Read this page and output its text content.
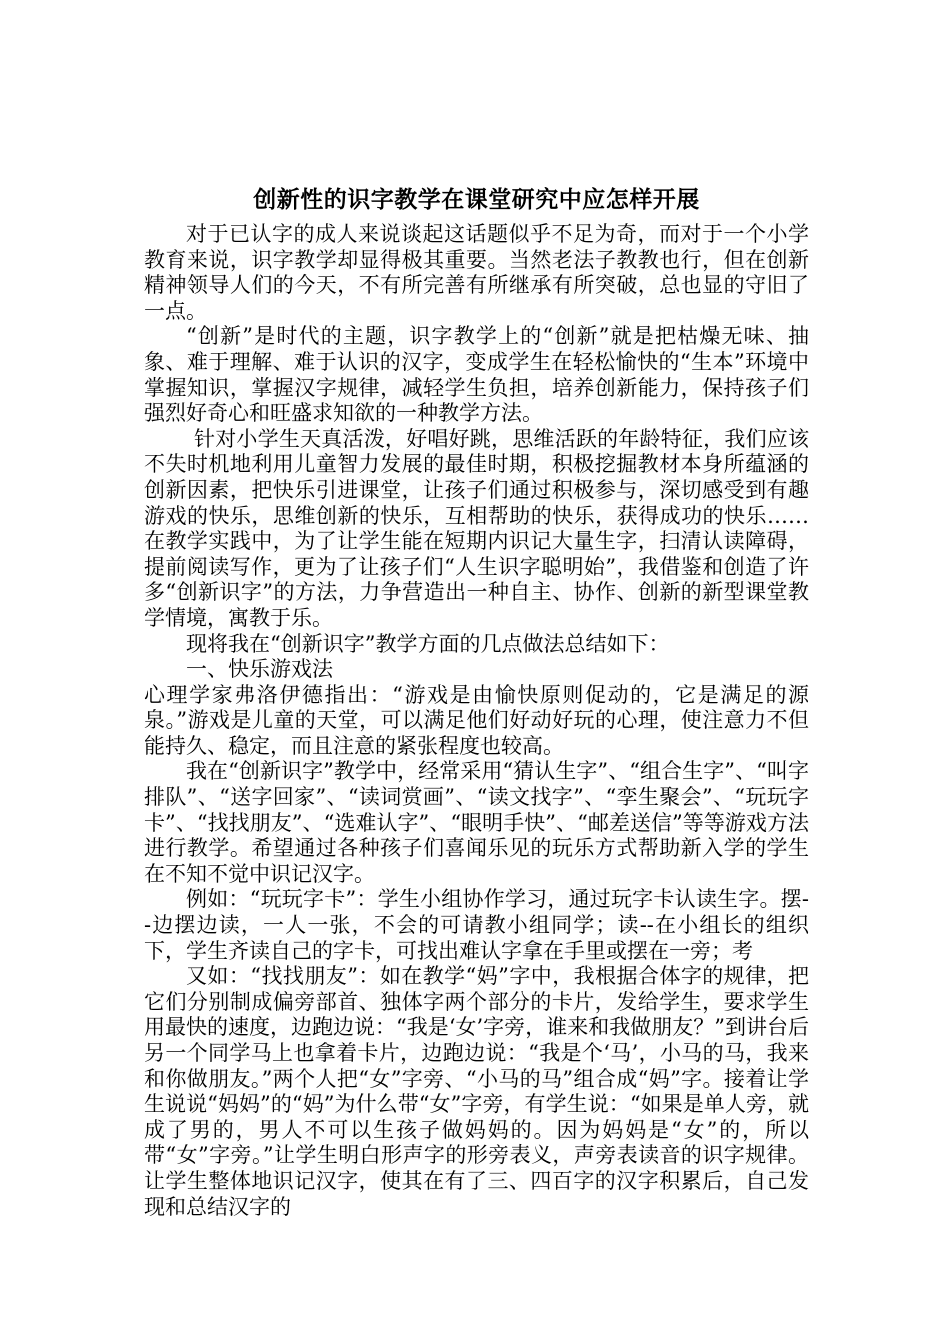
创新性的识字教学在课堂研究中应怎样开展

对于已认字的成人来说谈起这话题似乎不足为奇，而对于一个小学教育来说，识字教学却显得极其重要。当然老法子教教也行，但在创新精神领导人们的今天，不有所完善有所继承有所突破，总也显的守旧了一点。

“创新”是时代的主题，识字教学上的“创新”就是把枯燥无味、抽象、难于理解、难于认识的汉字，变成学生在轻松愉快的“生本”环境中掌握知识，掌握汉字规律，减轻学生负担，培养创新能力，保持孩子们强烈好奇心和旺盛求知欲的一种教学方法。

针对小学生天真活泼，好唱好跳，思维活跃的年龄特征，我们应该不失时机地利用儿童智力发展的最佳时期，积极挖掘教材本身所蕴涵的创新因素，把快乐引进课堂，让孩子们通过积极参与，深切感受到有趣游戏的快乐，思维创新的快乐，互相帮助的快乐，获得成功的快乐……在教学实践中，为了让学生能在短期内识记大量生字，扫清认读障碍，提前阅读写作，更为了让孩子们“人生识字聪明始”，我借鉴和创造了许多“创新识字”的方法，力争营造出一种自主、协作、创新的新型课堂教学情境，寓教于乐。

现将我在“创新识字”教学方面的几点做法总结如下：

一、快乐游戏法

心理学家弗洛伊德指出：“游戏是由愉快原则促动的，它是满足的源泉。”游戏是儿童的天堂，可以满足他们好动好玩的心理，使注意力不但能持久、稳定，而且注意的紧张程度也较高。

我在“创新识字”教学中，经常采用“猜认生字”、“组合生字”、“叫字排队”、“送字回家”、“读词赏画”、“读文找字”、“孪生聚会”、“玩玩字卡”、“找找朋友”、“选难认字”、“眼明手快”、“邮差送信”等等游戏方法进行教学。希望通过各种孩子们喜闻乐见的玩乐方式帮助新入学的学生在不知不觉中识记汉字。

例如：“玩玩字卡”：学生小组协作学习，通过玩字卡认读生字。摆--边摆边读，一人一张，不会的可请教小组同学；读--在小组长的组织下，学生齐读自己的字卡，可找出难认字拿在手里或摆在一旁；考

又如：“找找朋友”：如在教学“妈”字中，我根据合体字的规律，把它们分别制成偏旁部首、独体字两个部分的卡片，发给学生，要求学生用最快的速度，边跑边说：“我是‘女’字旁，谁来和我做朋友？”到讲台后另一个同学马上也拿着卡片，边跑边说：“我是个‘马’，小马的马，我来和你做朋友。”两个人把“女”字旁、“小马的马”组合成“妈”字。接着让学生说说“妈妈”的“妈”为什么带“女”字旁，有学生说：“如果是单人旁，就成了男的，男人不可以生孩子做妈妈的。因为妈妈是“女”的，所以带“女”字旁。”让学生明白形声字的形旁表义，声旁表读音的识字规律。让学生整体地识记汉字，使其在有了三、四百字的汉字积累后，自己发现和总结汉字的
